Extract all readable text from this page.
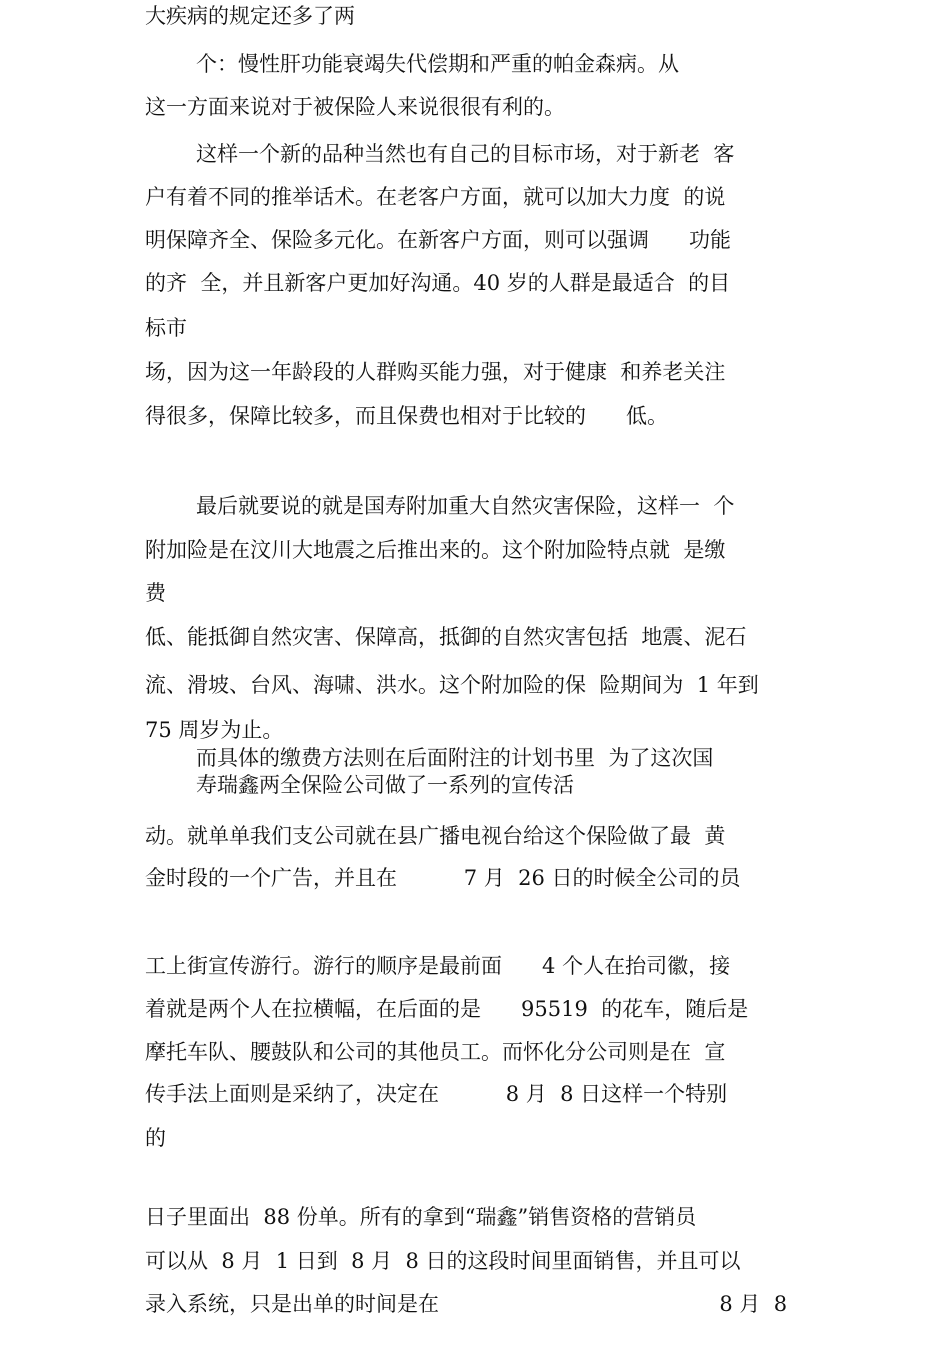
大疾病的规定还多了两
个：慢性肝功能衰竭失代偿期和严重的帕金森病。从
这一方面来说对于被保险人来说很很有利的。
这样一个新的品种当然也有自己的目标市场，对于新老  客
户有着不同的推举话术。在老客户方面，就可以加大力度  的说
明保障齐全、保险多元化。在新客户方面，则可以强调      功能
的齐  全，并且新客户更加好沟通。40 岁的人群是最适合  的目
标市
场，因为这一年龄段的人群购买能力强，对于健康  和养老关注
得很多，保障比较多，而且保费也相对于比较的      低。
最后就要说的就是国寿附加重大自然灾害保险，这样一  个
附加险是在汶川大地震之后推出来的。这个附加险特点就  是缴
费
低、能抵御自然灾害、保障高，抵御的自然灾害包括  地震、泥石
流、滑坡、台风、海啸、洪水。这个附加险的保  险期间为  1 年到
75 周岁为止。
而具体的缴费方法则在后面附注的计划书里  为了这次国
寿瑞鑫两全保险公司做了一系列的宣传活
动。就单单我们支公司就在县广播电视台给这个保险做了最  黄
金时段的一个广告，并且在          7 月  26 日的时候全公司的员
工上街宣传游行。游行的顺序是最前面      4 个人在抬司徽，接
着就是两个人在拉横幅，在后面的是      95519  的花车，随后是
摩托车队、腰鼓队和公司的其他员工。而怀化分公司则是在  宣
传手法上面则是采纳了，决定在          8 月  8 日这样一个特别
的
日子里面出  88 份单。所有的拿到“瑞鑫”销售资格的营销员
可以从  8 月  1 日到  8 月  8 日的这段时间里面销售，并且可以
录入系统，只是出单的时间是在                                          8 月  8
